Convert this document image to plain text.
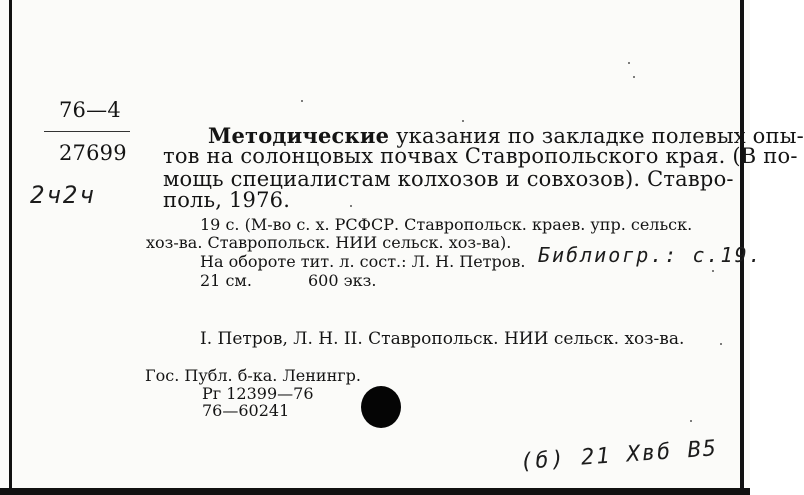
76—4
27699
2ч2ч
Методические указания по закладке полевых опы-
тов на солонцовых почвах Ставропольского края. (В по-
мощь специалистам колхозов и совхозов). Ставро-
поль, 1976.
19 с. (М-во с. х. РСФСР. Ставропольск. краев. упр. сельск.
хоз-ва. Ставропольск. НИИ сельск. хоз-ва).
Библиогр.: с.19.
На обороте тит. л. сост.: Л. Н. Петров.
21 см.	600 экз.
I. Петров, Л. Н. II. Ставропольск. НИИ сельск. хоз-ва.
Гос. Публ. б-ка. Ленингр.
Рг 12399—76
76—60241
(б) 21 Хвб В5
